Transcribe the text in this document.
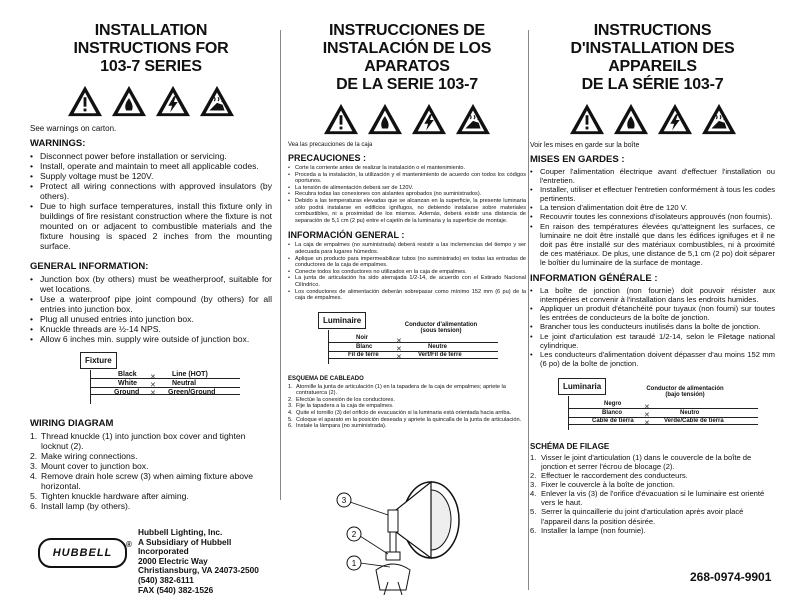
INSTALLATION
INSTRUCTIONS FOR
103-7 SERIES
See warnings on carton.
WARNINGS:
• Disconnect power before installation or servicing.
• Install, operate and maintain to meet all applicable codes.
• Supply voltage must be 120V.
• Protect all wiring connections with approved insulators (by others).
• Due to high surface temperatures, install this fixture only in buildings of fire resistant construction where the fixture is not mounted on or adjacent to combustible materials and the fixture housing is spaced 2 inches from the mounting surface.
GENERAL INFORMATION:
• Junction box (by others) must be weatherproof, suitable for wet locations.
• Use a waterproof pipe joint compound (by others) for all entries into junction box.
• Plug all unused entries into junction box.
• Knuckle threads are ½-14 NPS.
• Allow 6 inches min. supply wire outside of junction box.
Fixture
Black
White
Ground
✕
✕
✕
Line (HOT)
Neutral
Green/Ground
WIRING DIAGRAM
1. Thread knuckle (1) into junction box cover and tighten locknut (2).
2. Make wiring connections.
3. Mount cover to junction box.
4. Remove drain hole screw (3) when aiming fixture above horizontal.
5. Tighten knuckle hardware after aiming.
6. Install lamp (by others).
INSTRUCCIONES DE
INSTALACIÓN DE LOS
APARATOS
DE LA SERIE 103-7
Vea las precauciones de la caja
PRECAUCIONES :
• Corte la corriente antes de realizar la instalación o el mantenimiento.
• Proceda a la instalación, la utilización y el mantenimiento de acuerdo con todos los códigos oportunos.
• La tensión de alimentación deberá ser de 120V.
• Recubra todas las conexiones con aislantes aprobados (no suministrados).
• Debido a las temperaturas elevadas que se alcanzan en la superficie, la presente luminaria sólo podrá instalarse en edificios ignífugos, no debiendo instalarse sobre materiales combustibles, ni a proximidad de los mismos. Además, deberá existir una distancia de separación de 5,1 cm (2 pu) entre el cajetín de la luminaria y la superficie de montaje.
INFORMACIÓN GENERAL :
• La caja de empalmes (no suministrada) deberá resistir a las inclemencias del tiempo y ser adecuada para lugares húmedos.
• Aplique un producto para impermeabilizar tubos (no suministrado) en todas las entradas de conductores de la caja de empalmes.
• Conecte todos los conductores no utilizados en la caja de empalmes.
• La junta de articulación ha sido aterrajada 1/2-14, de acuerdo con el Estirado Nacional Cilíndrico.
• Los conductores de alimentación deberán sobrepasar como mínimo 152 mm (6 pu) de la caja de empalmes.
Luminaire	Conductor d'alimentation (sous tension)
Noir
Blanc
Fil de terre
✕
✕
✕
Neutre
Vert/Fil de terre
ESQUEMA DE CABLEADO
1. Atornille la junta de articulación (1) en la tapadera de la caja de empalmes; apriete la contratuerca (2).
2. Efectúe la conexión de los conductores.
3. Fije la tapadera a la caja de empalmes.
4. Quite el tornillo (3) del orificio de evacuación si la luminaria está orientada hacia arriba.
5. Coloque el aparato en la posición deseada y apriete la quincalla de la junta de articulación.
6. Instale la lámpara (no suministrada).
INSTRUCTIONS
D'INSTALLATION DES
APPAREILS
DE LA SÉRIE 103-7
Voir les mises en garde sur la boîte
MISES EN GARDES :
• Couper l'alimentation électrique avant d'effectuer l'installation ou l'entretien.
• Installer, utiliser et effectuer l'entretien conformément à tous les codes pertinents.
• La tension d'alimentation doit être de 120 V.
• Recouvrir toutes les connexions d'isolateurs approuvés (non fournis).
• En raison des températures élevées qu'atteignent les surfaces, ce luminaire ne doit être installé que dans les édifices ignifuges et il ne doit pas être installé sur des matériaux combustibles, ni à proximité de ces matériaux. De plus, une distance de 5,1 cm (2 po) doit séparer le boîtier du luminaire de la surface de montage.
INFORMATION GÉNÉRALE :
• La boîte de jonction (non fournie) doit pouvoir résister aux intempéries et convenir à l'installation dans les endroits humides.
• Appliquer un produit d'étanchéité pour tuyaux (non fourni) sur toutes les entrées de conducteurs de la boîte de jonction.
• Brancher tous les conducteurs inutilisés dans la boîte de jonction.
• Le joint d'articulation est taraudé 1/2-14, selon le Filetage national cylindrique.
• Les conducteurs d'alimentation doivent dépasser d'au moins 152 mm (6 po) de la boîte de jonction.
Luminaria	Conductor de alimentación (bajo tensión)
Negro
Blanco
Cable de tierra
✕
✕
✕
Neutro
Verde/Cable de tierra
SCHÉMA DE FILAGE
1. Visser le joint d'articulation (1) dans le couvercle de la boîte de jonction et serrer l'écrou de blocage (2).
2. Effectuer le raccordement des conducteurs.
3. Fixer le couvercle à la boîte de jonction.
4. Enlever la vis (3) de l'orifice d'évacuation si le luminaire est orienté vers le haut.
5. Serrer la quincaillerie du joint d'articulation après avoir placé l'appareil dans la position désirée.
6. Installer la lampe (non fournie).
HUBBELL
®
Hubbell Lighting, Inc.
A Subsidiary of Hubbell Incorporated
2000 Electric Way
Christiansburg, VA 24073-2500
(540) 382-6111
FAX (540) 382-1526
3
2
1
268-0974-9901
